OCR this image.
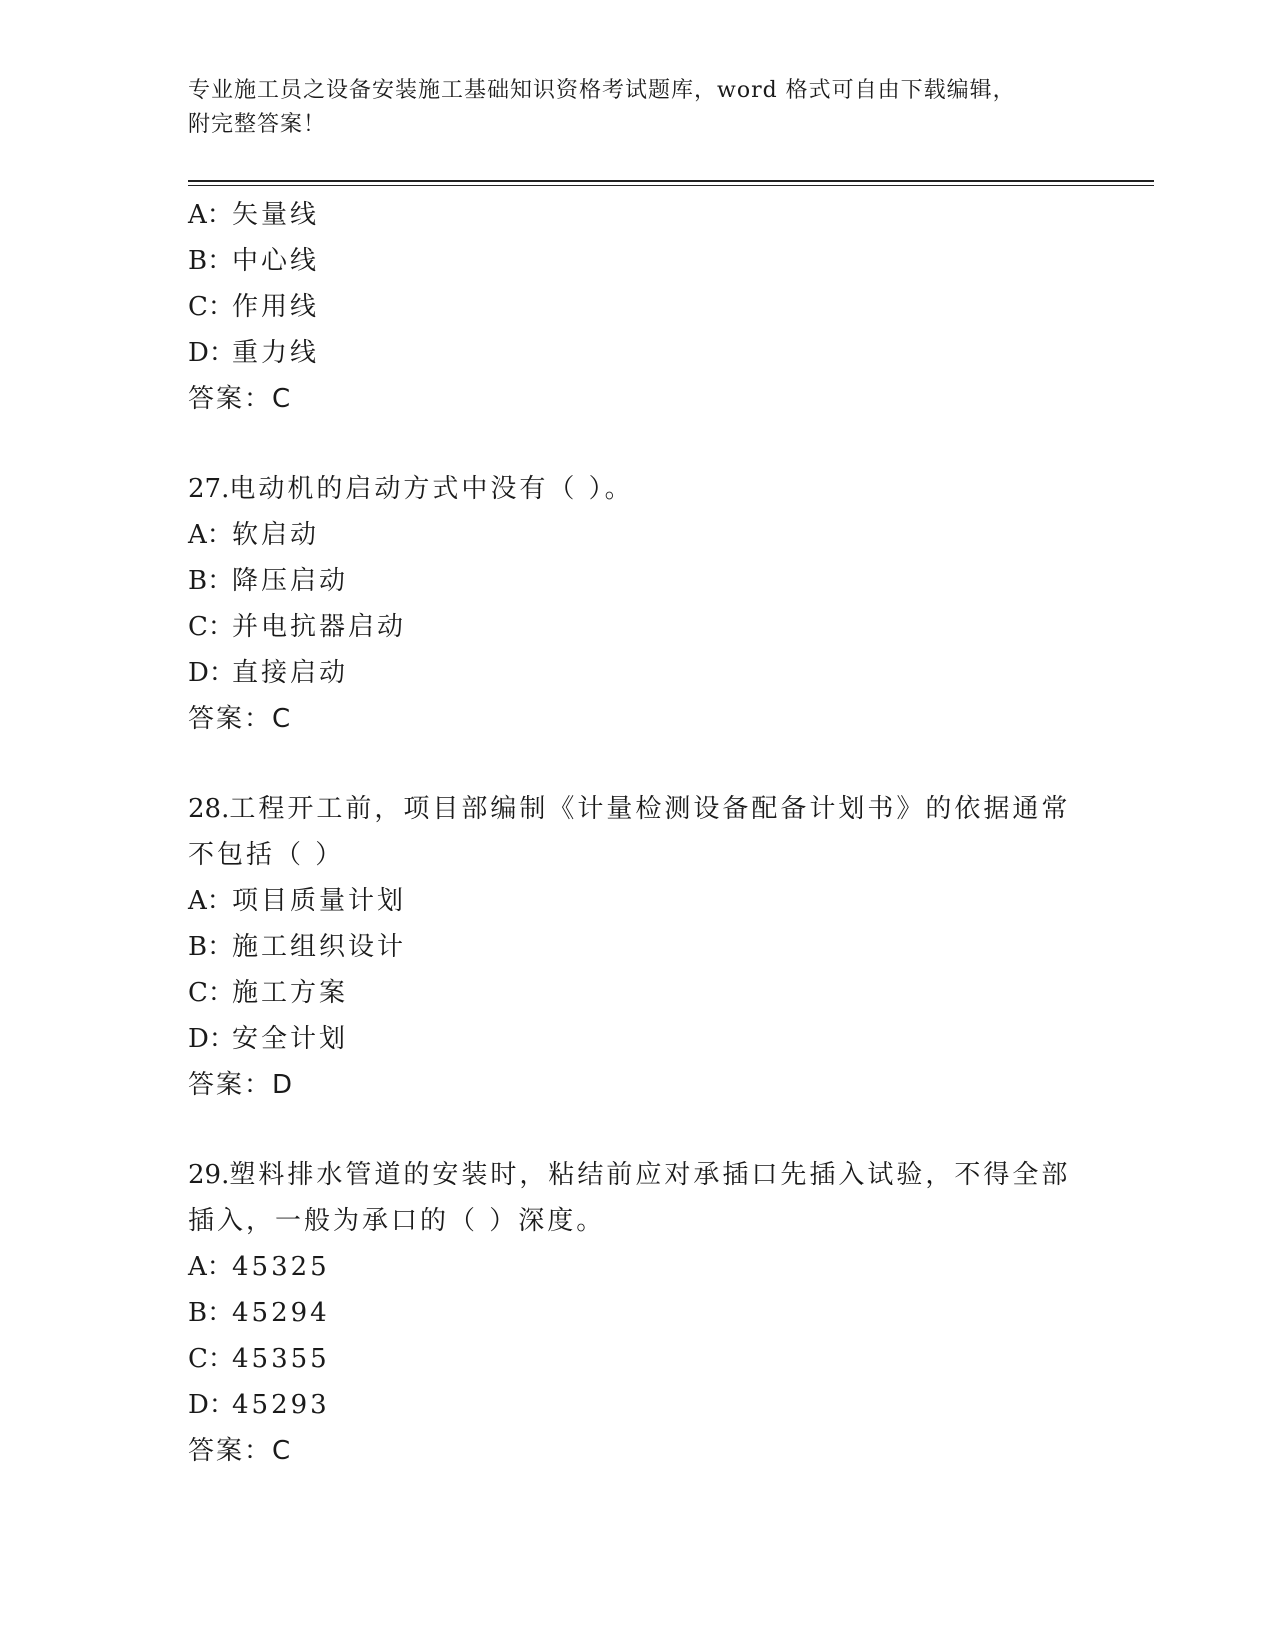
专业施工员之设备安装施工基础知识资格考试题库，word 格式可自由下载编辑，
附完整答案！
A：矢量线
B：中心线
C：作用线
D：重力线
答案：C
27.电动机的启动方式中没有（ ）。
A：软启动
B：降压启动
C：并电抗器启动
D：直接启动
答案：C
28.工程开工前，项目部编制《计量检测设备配备计划书》的依据通常
不包括（ ）
A：项目质量计划
B：施工组织设计
C：施工方案
D：安全计划
答案：D
29.塑料排水管道的安装时，粘结前应对承插口先插入试验，不得全部
插入，一般为承口的（ ）深度。
A：45325
B：45294
C：45355
D：45293
答案：C
